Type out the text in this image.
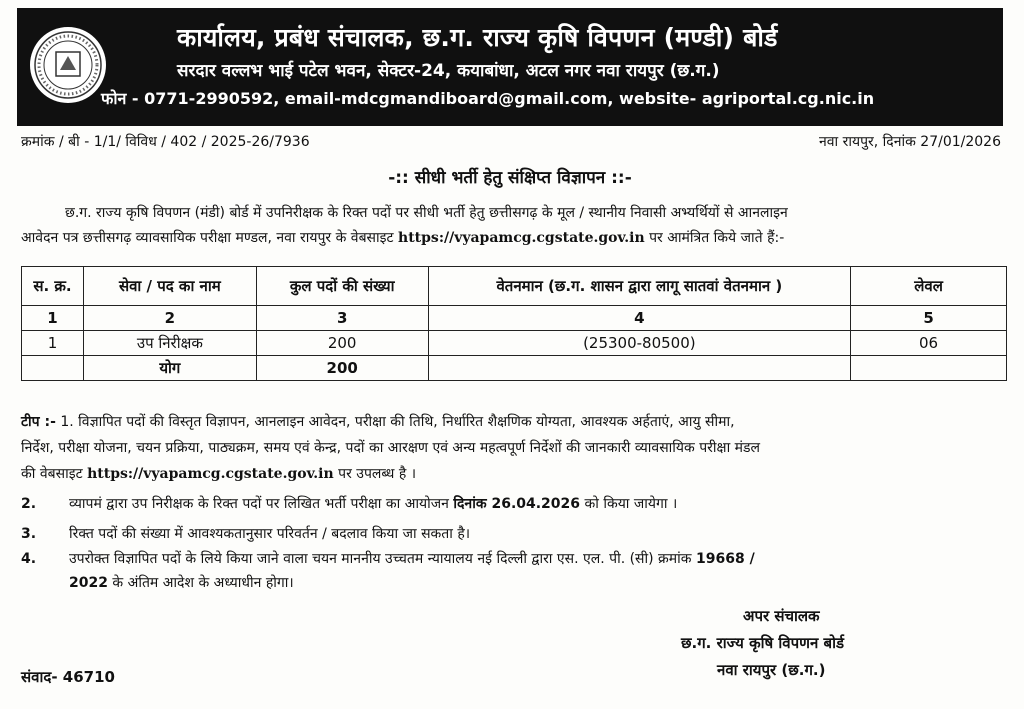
कार्यालय, प्रबंध संचालक, छ.ग. राज्य कृषि विपणन (मण्डी) बोर्ड
सरदार वल्लभ भाई पटेल भवन, सेक्टर-24, कयाबांधा, अटल नगर नवा रायपुर (छ.ग.)
फोन - 0771-2990592, email-mdcgmandiboard@gmail.com, website- agriportal.cg.nic.in
क्रमांक / बी - 1/1/ विविध / 402 / 2025-26/7936	नवा रायपुर, दिनांक 27/01/2026
-:: सीधी भर्ती हेतु संक्षिप्त विज्ञापन ::-
छ.ग. राज्य कृषि विपणन (मंडी) बोर्ड में उपनिरीक्षक के रिक्त पदों पर सीधी भर्ती हेतु छत्तीसगढ़ के मूल / स्थानीय निवासी अभ्यर्थियों से आनलाइन
आवेदन पत्र छत्तीसगढ़ व्यावसायिक परीक्षा मण्डल, नवा रायपुर के वेबसाइट https://vyapamcg.cgstate.gov.in पर आमंत्रित किये जाते हैं:-
स. क्र.	सेवा / पद का नाम	कुल पदों की संख्या	वेतनमान (छ.ग. शासन द्वारा लागू सातवां वेतनमान )	लेवल
1	2	3	4	5
1	उप निरीक्षक	200	(25300-80500)	06
	योग	200		
टीप :- 1. विज्ञापित पदों की विस्तृत विज्ञापन, आनलाइन आवेदन, परीक्षा की तिथि, निर्धारित शैक्षणिक योग्यता, आवश्यक अर्हताएं, आयु सीमा,
निर्देश, परीक्षा योजना, चयन प्रक्रिया, पाठ्यक्रम, समय एवं केन्द्र, पदों का आरक्षण एवं अन्य महत्वपूर्ण निर्देशों की जानकारी व्यावसायिक परीक्षा मंडल
की वेबसाइट https://vyapamcg.cgstate.gov.in पर उपलब्ध है ।
2. व्यापमं द्वारा उप निरीक्षक के रिक्त पदों पर लिखित भर्ती परीक्षा का आयोजन दिनांक 26.04.2026 को किया जायेगा ।
3. रिक्त पदों की संख्या में आवश्यकतानुसार परिवर्तन / बदलाव किया जा सकता है।
4. उपरोक्त विज्ञापित पदों के लिये किया जाने वाला चयन माननीय उच्चतम न्यायालय नई दिल्ली द्वारा एस. एल. पी. (सी) क्रमांक 19668 /
2022 के अंतिम आदेश के अध्याधीन होगा।
अपर संचालक
छ.ग. राज्य कृषि विपणन बोर्ड
नवा रायपुर (छ.ग.)
संवाद- 46710
